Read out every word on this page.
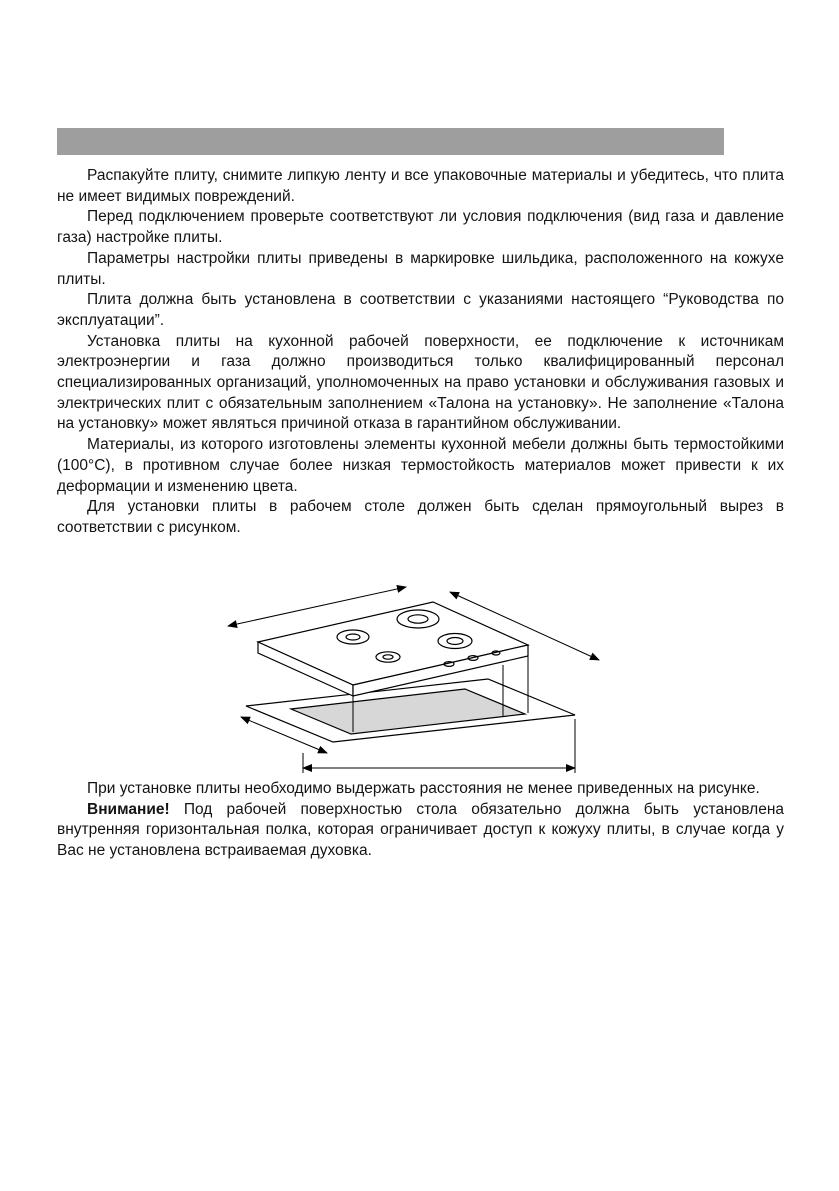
Распакуйте плиту, снимите липкую ленту и все упаковочные материалы и убедитесь, что плита не имеет видимых повреждений.

Перед подключением проверьте соответствуют ли условия подключения (вид газа и давление газа) настройке плиты.

Параметры настройки плиты приведены в маркировке шильдика, расположенного на кожухе плиты.

Плита должна быть установлена в соответствии с указаниями настоящего “Руководства по эксплуатации”.

Установка плиты на кухонной рабочей поверхности, ее подключение к источникам электроэнергии и газа должно производиться только квалифицированный персонал специализированных организаций, уполномоченных на право установки и обслуживания газовых и электрических плит с обязательным заполнением «Талона на установку». Не заполнение «Талона на установку» может являться причиной отказа в гарантийном обслуживании.

Материалы, из которого изготовлены элементы кухонной мебели должны быть термостойкими (100°С), в противном случае более низкая термостойкость материалов может привести к их деформации и изменению цвета.

Для установки плиты в рабочем столе должен быть сделан прямоугольный вырез в соответствии с рисунком.

При установке плиты необходимо выдержать расстояния не менее приведенных на рисунке.

Внимание! Под рабочей поверхностью стола обязательно должна быть установлена внутренняя горизонтальная полка, которая ограничивает доступ к кожуху плиты, в случае когда у Вас не установлена встраиваемая духовка.
